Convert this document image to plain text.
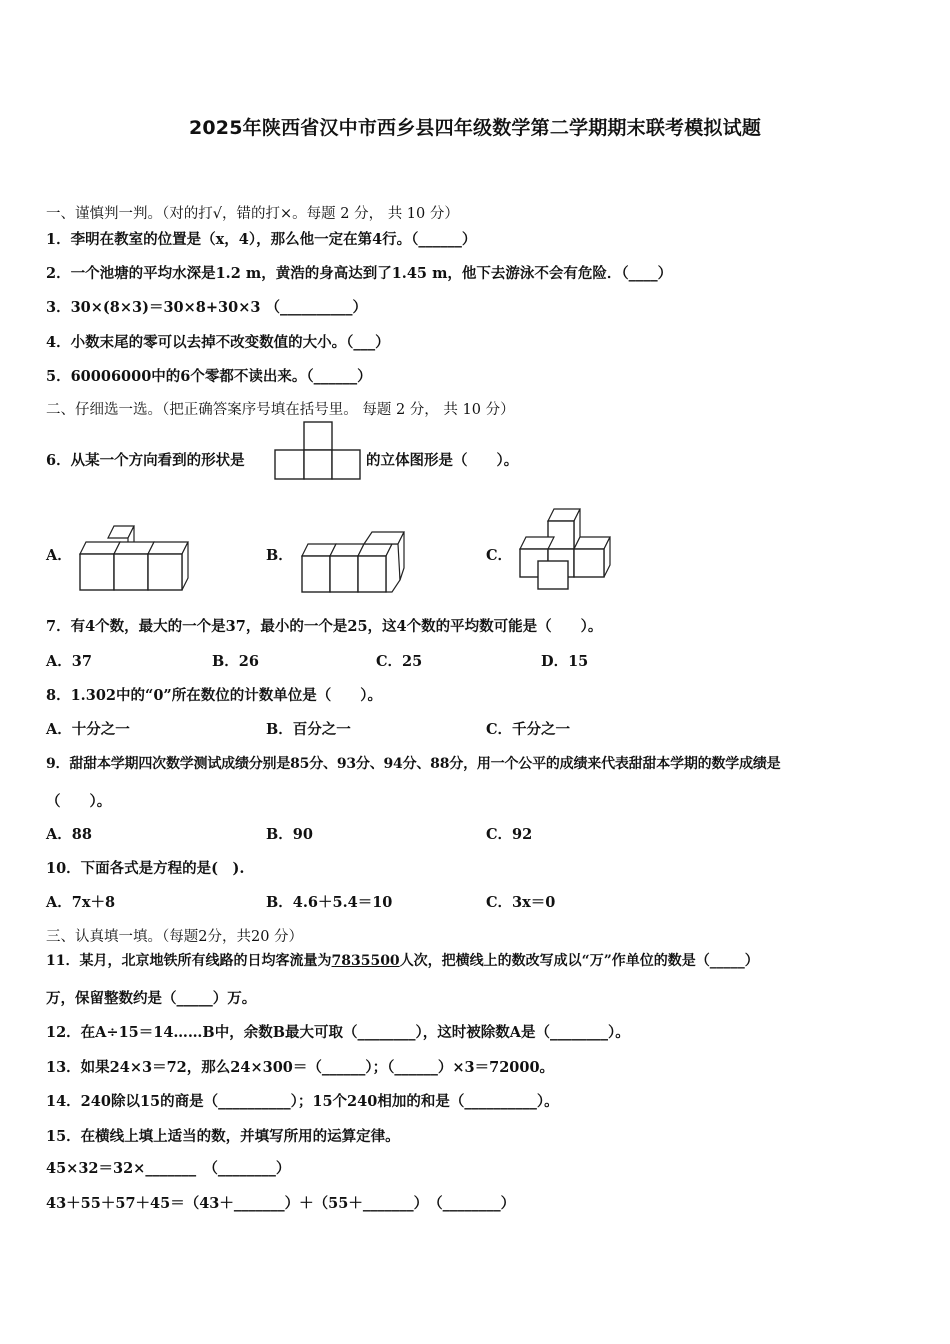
2025年陕西省汉中市西乡县四年级数学第二学期期末联考模拟试题
一、谨慎判一判。（对的打√，错的打×。每题 2 分， 共 10 分）
1．李明在教室的位置是（x，4），那么他一定在第4行。（______）
2．一个池塘的平均水深是1.2 m，黄浩的身高达到了1.45 m，他下去游泳不会有危险．（____）
3．30×(8×3)＝30×8+30×3 （__________）
4．小数末尾的零可以去掉不改变数值的大小。（___）
5．60006000中的6个零都不读出来。（______）
二、仔细选一选。（把正确答案序号填在括号里。 每题 2 分， 共 10 分）
6．从某一个方向看到的形状是	的立体图形是（　　）。
A．	B．	C．
7．有4个数，最大的一个是37，最小的一个是25，这4个数的平均数可能是（　　）。
A．37	B．26	C．25	D．15
8．1.302中的“0”所在数位的计数单位是（　　）。
A．十分之一	B．百分之一	C．千分之一
9．甜甜本学期四次数学测试成绩分别是85分、93分、94分、88分，用一个公平的成绩来代表甜甜本学期的数学成绩是
（　　）。
A．88	B．90	C．92
10．下面各式是方程的是(　).
A．7x＋8	B．4.6＋5.4＝10	C．3x＝0
三、认真填一填。（每题2分，共20 分）
11．某月，北京地铁所有线路的日均客流量为7835500人次，把横线上的数改写成以“万”作单位的数是（_____）
万，保留整数约是（_____）万。
12．在A÷15＝14……B中，余数B最大可取（________），这时被除数A是（________）。
13．如果24×3＝72，那么24×300＝（______）；（______）×3＝72000。
14．240除以15的商是（__________）；15个240相加的和是（__________）。
15．在横线上填上适当的数，并填写所用的运算定律。
45×32＝32×_______　（________）
43＋55＋57＋45＝（43＋_______）＋（55＋_______）　（________）
